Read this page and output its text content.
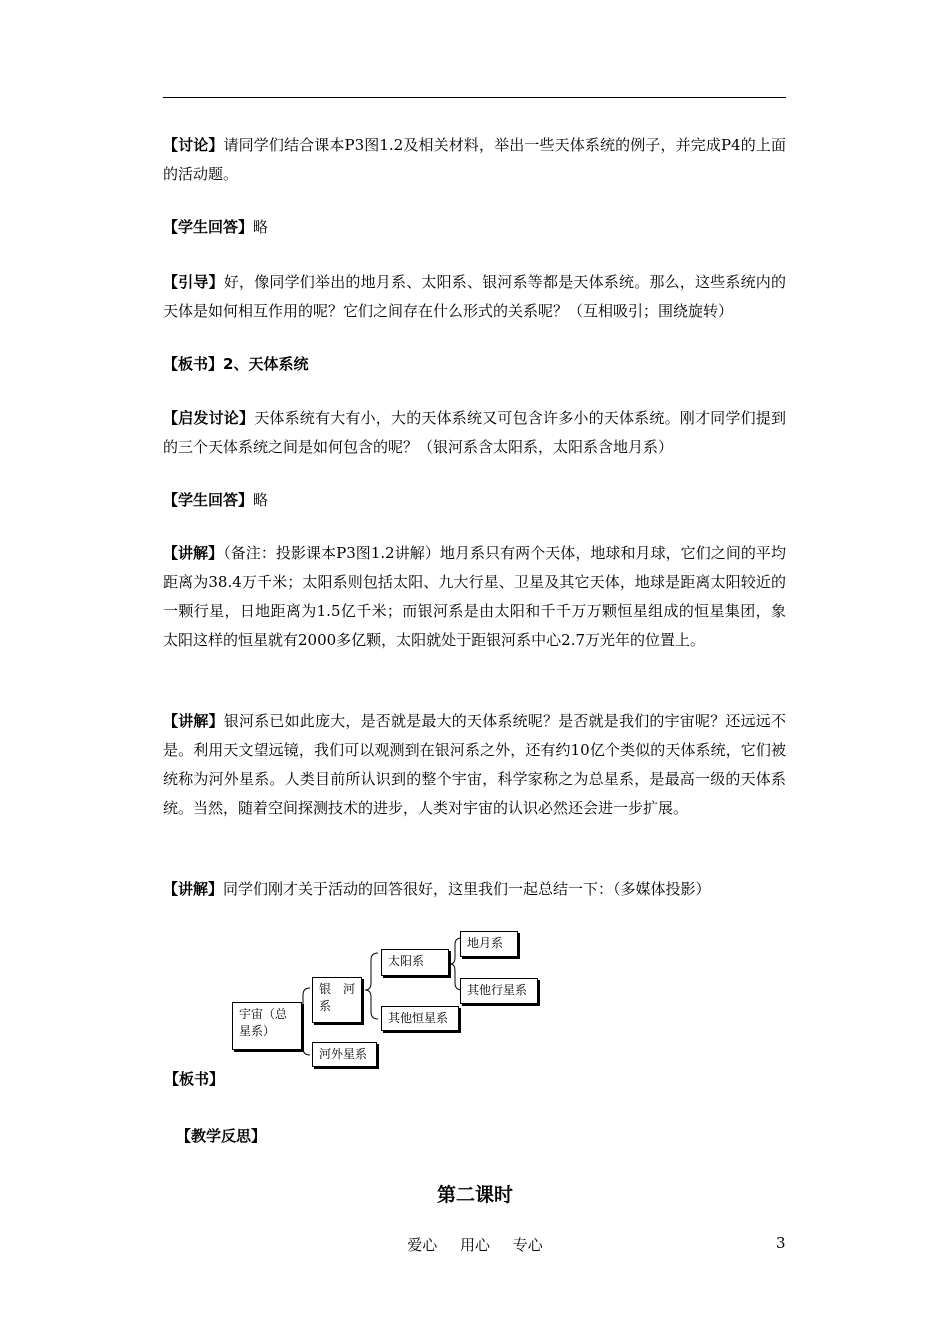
【讨论】请同学们结合课本P3图1.2及相关材料，举出一些天体系统的例子，并完成P4的上面的活动题。

【学生回答】略

【引导】好，像同学们举出的地月系、太阳系、银河系等都是天体系统。那么，这些系统内的天体是如何相互作用的呢？它们之间存在什么形式的关系呢？（互相吸引；围绕旋转）

【板书】2、天体系统

【启发讨论】天体系统有大有小，大的天体系统又可包含许多小的天体系统。刚才同学们提到的三个天体系统之间是如何包含的呢？（银河系含太阳系，太阳系含地月系）

【学生回答】略

【讲解】（备注：投影课本P3图1.2讲解）地月系只有两个天体，地球和月球，它们之间的平均距离为38.4万千米；太阳系则包括太阳、九大行星、卫星及其它天体，地球是距离太阳较近的一颗行星，日地距离为1.5亿千米；而银河系是由太阳和千千万万颗恒星组成的恒星集团，象太阳这样的恒星就有2000多亿颗，太阳就处于距银河系中心2.7万光年的位置上。

【讲解】银河系已如此庞大，是否就是最大的天体系统呢？是否就是我们的宇宙呢？还远远不是。利用天文望远镜，我们可以观测到在银河系之外，还有约10亿个类似的天体系统，它们被统称为河外星系。人类目前所认识到的整个宇宙，科学家称之为总星系，是最高一级的天体系统。当然，随着空间探测技术的进步，人类对宇宙的认识必然还会进一步扩展。

【讲解】同学们刚才关于活动的回答很好，这里我们一起总结一下：（多媒体投影）

宇宙（总星系）
银　河系
河外星系
太阳系
其他恒星系
地月系
其他行星系
【板书】
【教学反思】
第二课时
爱心 用心 专心	3
